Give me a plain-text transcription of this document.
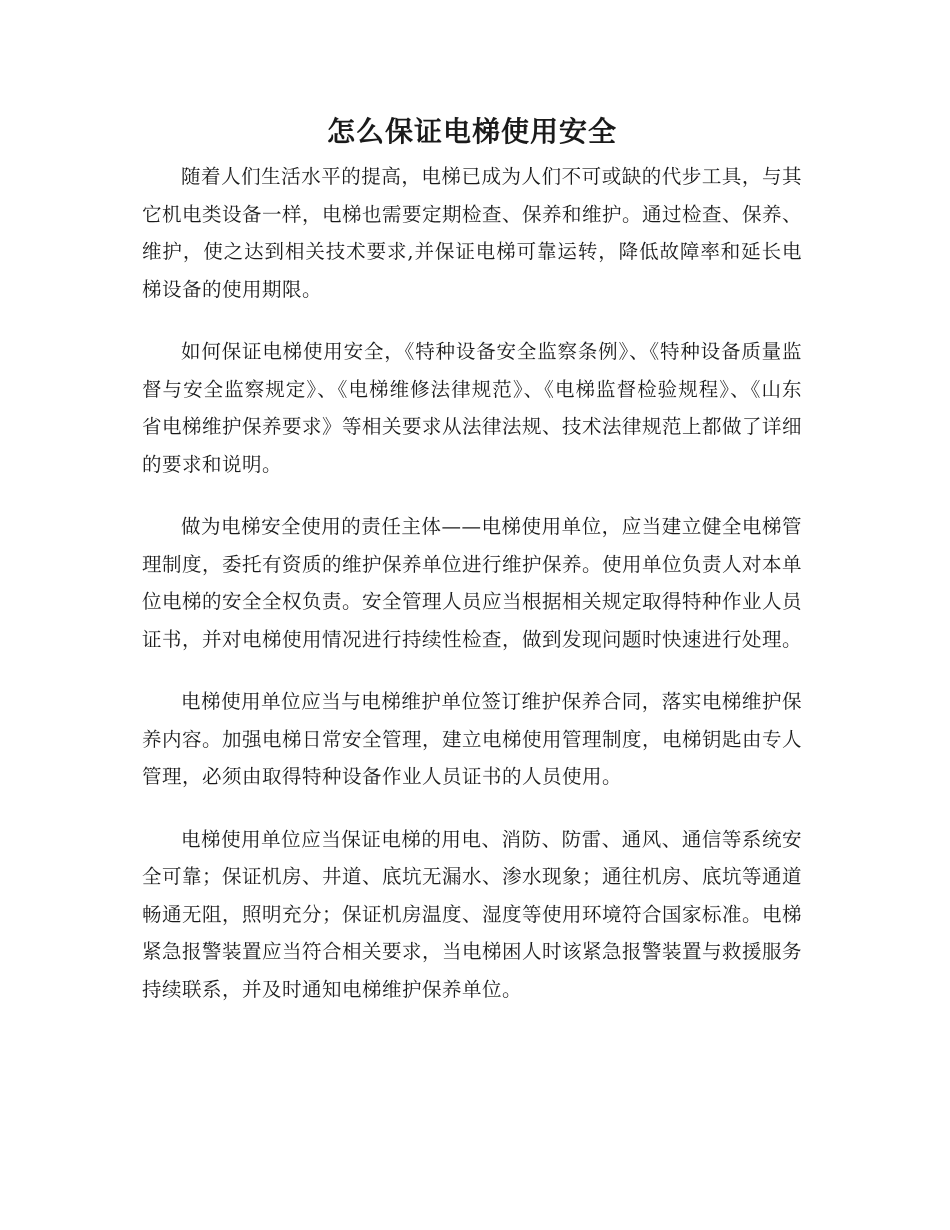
怎么保证电梯使用安全

随着人们生活水平的提高，电梯已成为人们不可或缺的代步工具，与其它机电类设备一样，电梯也需要定期检查、保养和维护。通过检查、保养、维护，使之达到相关技术要求,并保证电梯可靠运转，降低故障率和延长电梯设备的使用期限。

如何保证电梯使用安全，《特种设备安全监察条例》、《特种设备质量监督与安全监察规定》、《电梯维修法律规范》、《电梯监督检验规程》、《山东省电梯维护保养要求》等相关要求从法律法规、技术法律规范上都做了详细的要求和说明。

做为电梯安全使用的责任主体——电梯使用单位，应当建立健全电梯管理制度，委托有资质的维护保养单位进行维护保养。使用单位负责人对本单位电梯的安全全权负责。安全管理人员应当根据相关规定取得特种作业人员证书，并对电梯使用情况进行持续性检查，做到发现问题时快速进行处理。

电梯使用单位应当与电梯维护单位签订维护保养合同，落实电梯维护保养内容。加强电梯日常安全管理，建立电梯使用管理制度，电梯钥匙由专人管理，必须由取得特种设备作业人员证书的人员使用。

电梯使用单位应当保证电梯的用电、消防、防雷、通风、通信等系统安全可靠；保证机房、井道、底坑无漏水、渗水现象；通往机房、底坑等通道畅通无阻，照明充分；保证机房温度、湿度等使用环境符合国家标准。电梯紧急报警装置应当符合相关要求，当电梯困人时该紧急报警装置与救援服务持续联系，并及时通知电梯维护保养单位。
